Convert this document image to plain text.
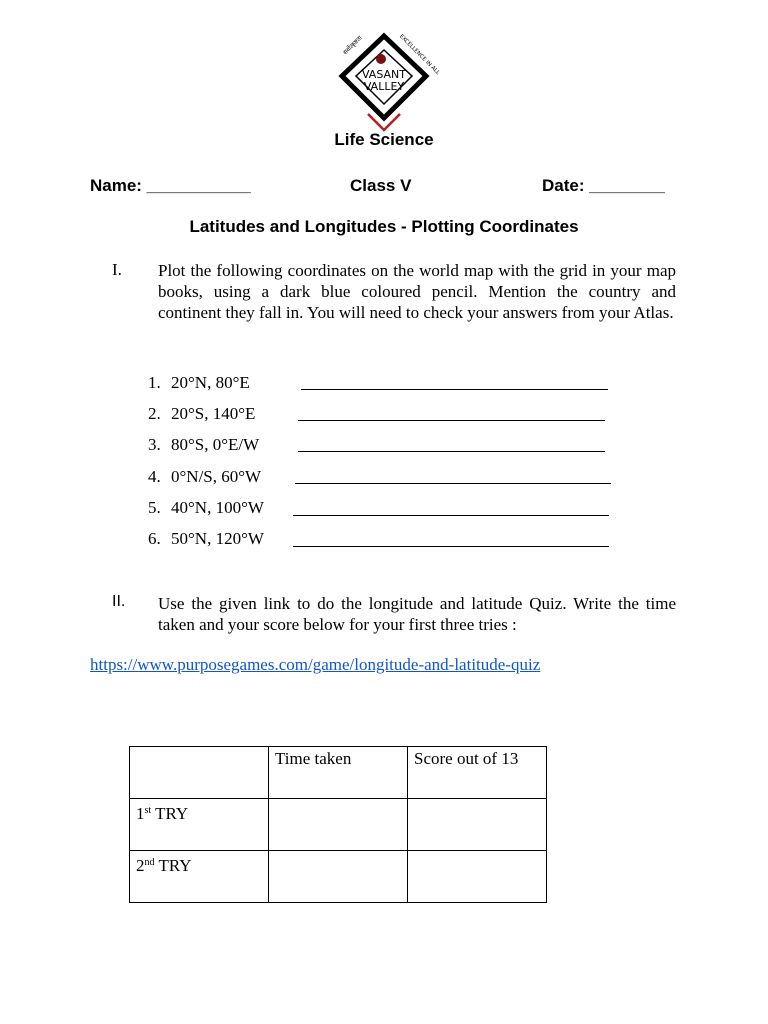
सर्वोत्कृष्टता	EXCELLENCE IN ALL
VASANT
VALLEY
Life Science
Name: ___________	Class V	Date: ________
Latitudes and Longitudes - Plotting Coordinates
I. Plot the following coordinates on the world map with the grid in your map books, using a dark blue coloured pencil. Mention the country and continent they fall in. You will need to check your answers from your Atlas.
1. 20°N, 80°E
2. 20°S, 140°E
3. 80°S, 0°E/W
4. 0°N/S, 60°W
5. 40°N, 100°W
6. 50°N, 120°W
II. Use the given link to do the longitude and latitude Quiz. Write the time taken and your score below for your first three tries :
https://www.purposegames.com/game/longitude-and-latitude-quiz
	Time taken	Score out of 13
1st TRY		
2nd TRY		
